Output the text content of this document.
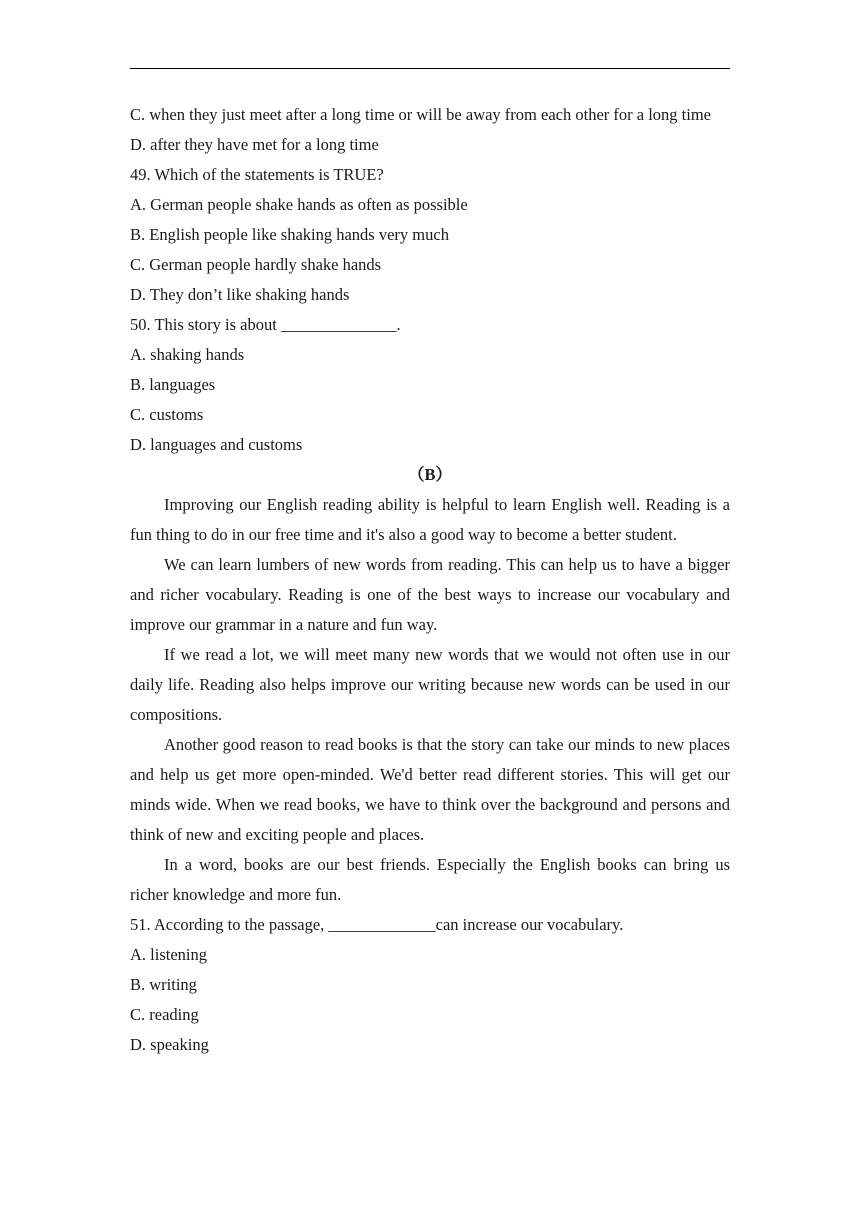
C. when they just meet after a long time or will be away from each other for a long time
D. after they have met for a long time
49. Which of the statements is TRUE?
A. German people shake hands as often as possible
B. English people like shaking hands very much
C. German people hardly shake hands
D. They don’t like shaking hands
50. This story is about ______________.
A. shaking hands
B. languages
C. customs
D. languages and customs
（B）
Improving our English reading ability is helpful to learn English well. Reading is a fun thing to do in our free time and it's also a good way to become a better student.
We can learn lumbers of new words from reading. This can help us to have a bigger and richer vocabulary. Reading is one of the best ways to increase our vocabulary and improve our grammar in a nature and fun way.
If we read a lot, we will meet many new words that we would not often use in our daily life. Reading also helps improve our writing because new words can be used in our compositions.
Another good reason to read books is that the story can take our minds to new places and help us get more open-minded. We'd better read different stories. This will get our minds wide. When we read books, we have to think over the background and persons and think of new and exciting people and places.
In a word, books are our best friends. Especially the English books can bring us richer knowledge and more fun.
51. According to the passage, _____________can increase our vocabulary.
A. listening
B. writing
C. reading
D. speaking
